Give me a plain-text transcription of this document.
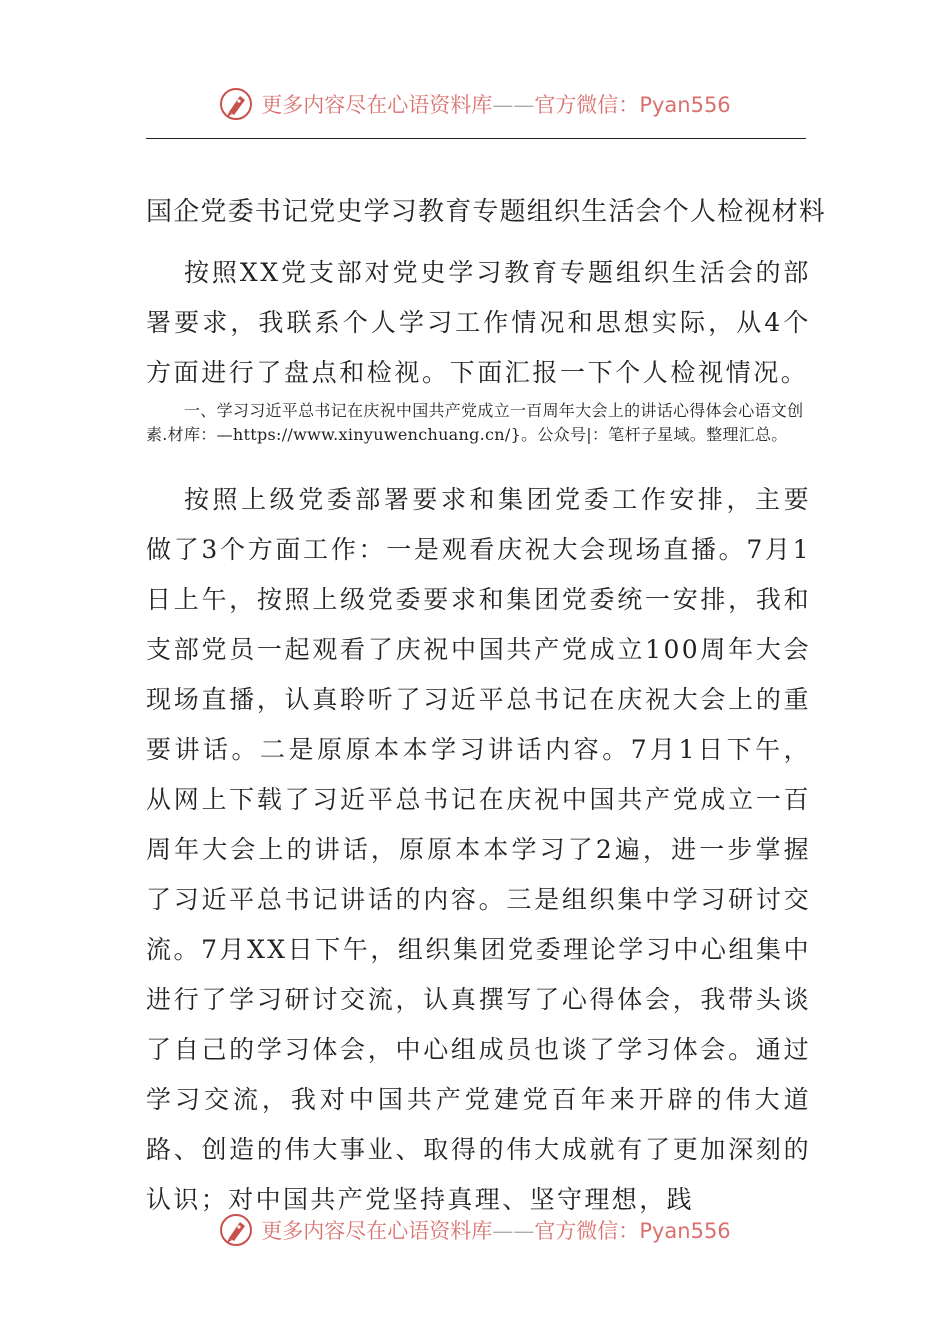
更多内容尽在心语资料库——官方微信：Pyan556
国企党委书记党史学习教育专题组织生活会个人检视材料

按照XX党支部对党史学习教育专题组织生活会的部署要求，我联系个人学习工作情况和思想实际，从4个方面进行了盘点和检视。下面汇报一下个人检视情况。

一、学习习近平总书记在庆祝中国共产党成立一百周年大会上的讲话心得体会心语文创素.材库：—https://www.xinyuwenchuang.cn/}。公众号|：笔杆子星域。整理汇总。

按照上级党委部署要求和集团党委工作安排，主要做了3个方面工作：一是观看庆祝大会现场直播。7月1日上午，按照上级党委要求和集团党委统一安排，我和支部党员一起观看了庆祝中国共产党成立100周年大会现场直播，认真聆听了习近平总书记在庆祝大会上的重要讲话。二是原原本本学习讲话内容。7月1日下午，从网上下载了习近平总书记在庆祝中国共产党成立一百周年大会上的讲话，原原本本学习了2遍，进一步掌握了习近平总书记讲话的内容。三是组织集中学习研讨交流。7月XX日下午，组织集团党委理论学习中心组集中进行了学习研讨交流，认真撰写了心得体会，我带头谈了自己的学习体会，中心组成员也谈了学习体会。通过学习交流，我对中国共产党建党百年来开辟的伟大道路、创造的伟大事业、取得的伟大成就有了更加深刻的认识；对中国共产党坚持真理、坚守理想，践

更多内容尽在心语资料库——官方微信：Pyan556
